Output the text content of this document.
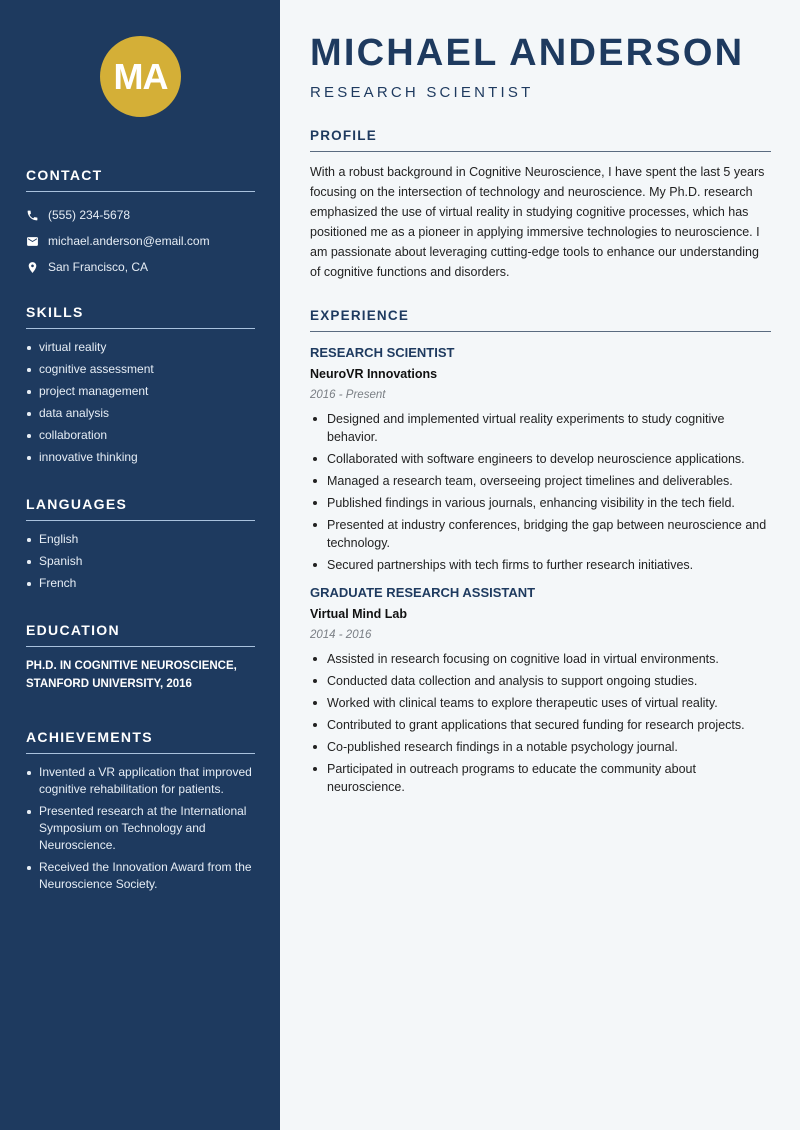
MA
CONTACT
(555) 234-5678
michael.anderson@email.com
San Francisco, CA
SKILLS
virtual reality
cognitive assessment
project management
data analysis
collaboration
innovative thinking
LANGUAGES
English
Spanish
French
EDUCATION

PH.D. IN COGNITIVE NEUROSCIENCE, STANFORD UNIVERSITY, 2016

ACHIEVEMENTS
Invented a VR application that improved cognitive rehabilitation for patients.
Presented research at the International Symposium on Technology and Neuroscience.
Received the Innovation Award from the Neuroscience Society.
MICHAEL ANDERSON
RESEARCH SCIENTIST
PROFILE

With a robust background in Cognitive Neuroscience, I have spent the last 5 years focusing on the intersection of technology and neuroscience. My Ph.D. research emphasized the use of virtual reality in studying cognitive processes, which has positioned me as a pioneer in applying immersive technologies to neuroscience. I am passionate about leveraging cutting-edge tools to enhance our understanding of cognitive functions and disorders.

EXPERIENCE
RESEARCH SCIENTIST
NeuroVR Innovations
2016 - Present
Designed and implemented virtual reality experiments to study cognitive behavior.
Collaborated with software engineers to develop neuroscience applications.
Managed a research team, overseeing project timelines and deliverables.
Published findings in various journals, enhancing visibility in the tech field.
Presented at industry conferences, bridging the gap between neuroscience and technology.
Secured partnerships with tech firms to further research initiatives.
GRADUATE RESEARCH ASSISTANT
Virtual Mind Lab
2014 - 2016
Assisted in research focusing on cognitive load in virtual environments.
Conducted data collection and analysis to support ongoing studies.
Worked with clinical teams to explore therapeutic uses of virtual reality.
Contributed to grant applications that secured funding for research projects.
Co-published research findings in a notable psychology journal.
Participated in outreach programs to educate the community about neuroscience.
